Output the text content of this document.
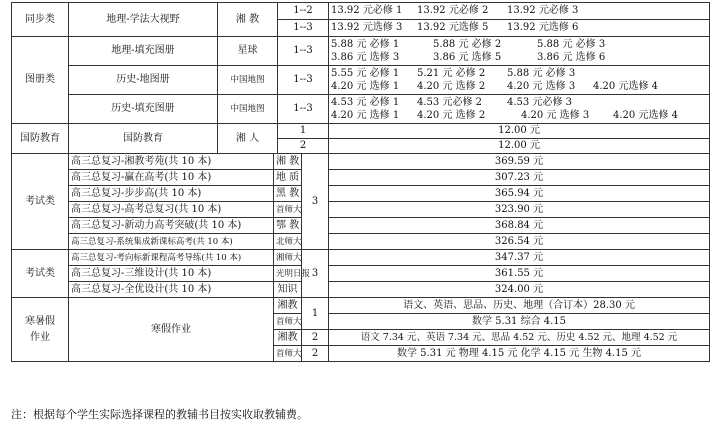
同步类	地理-学法大视野	湘 教		1--2		13.92 元必修 1 13.92 元必修 2 13.92 元必修 3
				1--3		13.92 元选修 3 13.92 元选修 5 13.92 元选修 6
图册类	地理-填充图册	星球		1--3		5.88 元 必修 1 5.88 元 必修 2 5.88 元 必修 3
3.86 元 选修 3 3.86 元 选修 5 3.86 元 选修 6

	历史-地图册	中国地图		1--3		5.55 元 必修 1 5.21 元 必修 2 5.88 元 必修 3
4.20 元 选修 1 4.20 元 选修 2 4.20 元 选修 3 4.20 元选修 4

	历史-填充图册	中国地图		1--3		4.53 元 必修 1 4.53 元必修 2 4.53 元必修 3
4.20 元 选修 1 4.20 元 选修 2 4.20 元 选修 3 4.20 元选修 4

国防教育	国防教育	湘 人		1		12.00 元
				2		12.00 元
考试类	高三总复习-湘教考苑(共 10 本)		湘 教		3	369.59 元
	高三总复习-赢在高考(共 10 本)		地 质			307.23 元
	高三总复习-步步高(共 10 本)		黑 教			365.94 元
	高三总复习-高考总复习(共 10 本)		首师大			323.90 元
	高三总复习-新动力高考突破(共 10 本)		鄂 教			368.84 元
	高三总复习-系统集成新课标高考(共 10 本)		北师大			326.54 元
考试类	高三总复习-考向标新课程高考导练(共 10 本)		湘师大		3	347.37 元
	高三总复习-三维设计(共 10 本)		光明日报			361.55 元
	高三总复习-全优设计(共 10 本)		知识			324.00 元

寒暑假
作业	寒假作业		湘教		1	语文、英语、思品、历史、地理（合订本）28.30 元
			首师大			数学 5.31 综合 4.15
			湘教		2	语文 7.34 元、英语 7.34 元、思品 4.52 元、历史 4.52 元、地理 4.52 元
			首师大		2	数学 5.31 元 物理 4.15 元 化学 4.15 元 生物 4.15 元
注：根据每个学生实际选择课程的教辅书目按实收取教辅费。
